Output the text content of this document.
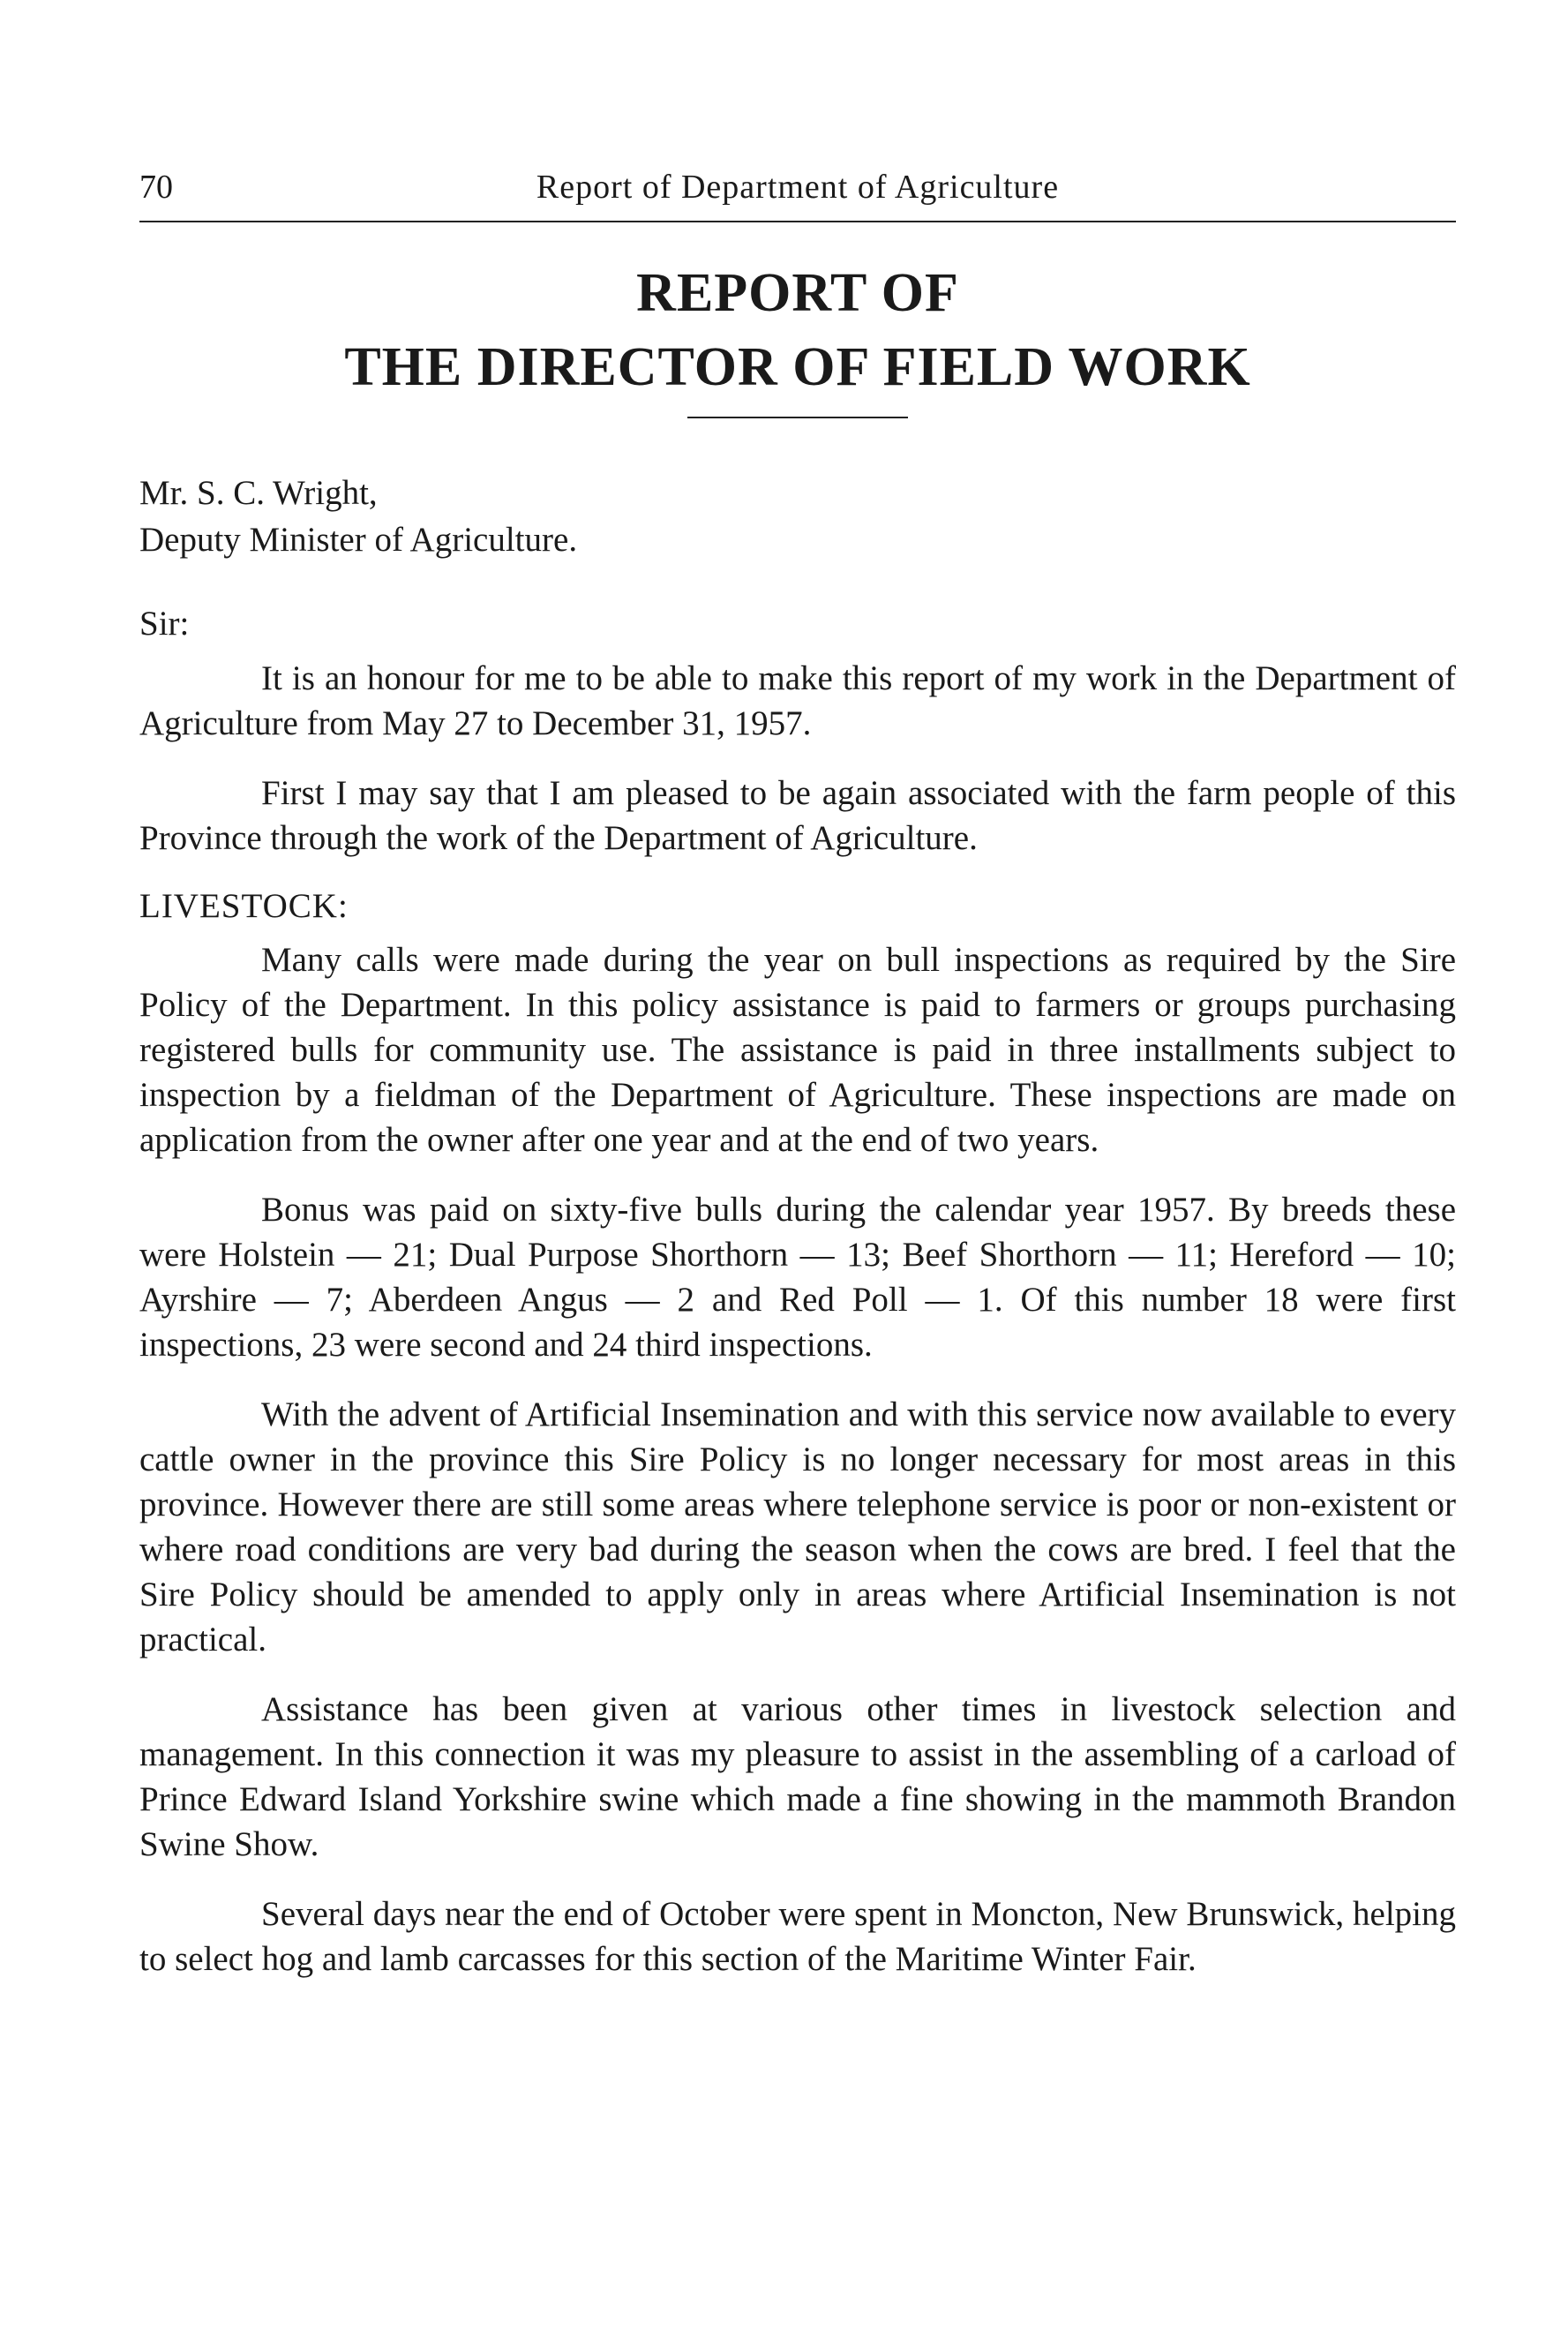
70	Report of Department of Agriculture
REPORT OF
THE DIRECTOR OF FIELD WORK
Mr. S. C. Wright,
Deputy Minister of Agriculture.
Sir:

It is an honour for me to be able to make this report of my work in the Department of Agriculture from May 27 to December 31, 1957.

First I may say that I am pleased to be again associated with the farm people of this Province through the work of the Department of Agriculture.

LIVESTOCK:

Many calls were made during the year on bull inspections as required by the Sire Policy of the Department. In this policy assistance is paid to farmers or groups purchasing registered bulls for community use. The assistance is paid in three installments subject to inspection by a fieldman of the Department of Agriculture. These inspections are made on application from the owner after one year and at the end of two years.

Bonus was paid on sixty-five bulls during the calendar year 1957. By breeds these were Holstein — 21; Dual Purpose Shorthorn — 13; Beef Shorthorn — 11; Hereford — 10; Ayrshire — 7; Aberdeen Angus — 2 and Red Poll — 1. Of this number 18 were first inspections, 23 were second and 24 third inspections.

With the advent of Artificial Insemination and with this service now available to every cattle owner in the province this Sire Policy is no longer necessary for most areas in this province. However there are still some areas where telephone service is poor or non-existent or where road conditions are very bad during the season when the cows are bred. I feel that the Sire Policy should be amended to apply only in areas where Artificial Insemination is not practical.

Assistance has been given at various other times in livestock selection and management. In this connection it was my pleasure to assist in the assembling of a carload of Prince Edward Island Yorkshire swine which made a fine showing in the mammoth Brandon Swine Show.

Several days near the end of October were spent in Moncton, New Brunswick, helping to select hog and lamb carcasses for this section of the Maritime Winter Fair.
